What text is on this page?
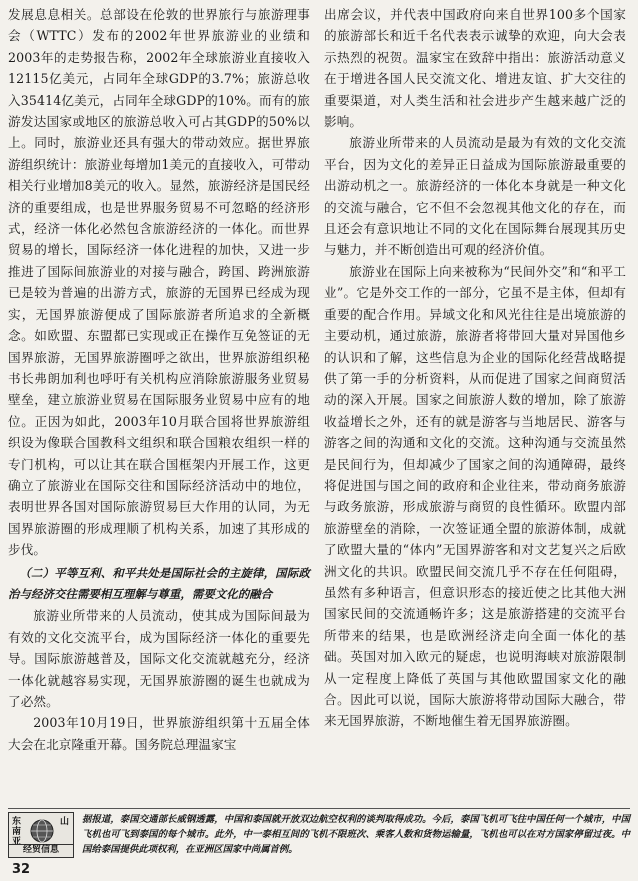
发展息息相关。总部设在伦敦的世界旅行与旅游理事会（WTTC）发布的2002年世界旅游业的业绩和2003年的走势报告称，2002年全球旅游业直接收入12115亿美元，占同年全球GDP的3.7%；旅游总收入35414亿美元，占同年全球GDP的10%。而有的旅游发达国家或地区的旅游总收入可占其GDP的50%以上。同时，旅游业还具有强大的带动效应。据世界旅游组织统计：旅游业每增加1美元的直接收入，可带动相关行业增加8美元的收入。显然，旅游经济是国民经济的重要组成，也是世界服务贸易不可忽略的经济形式，经济一体化必然包含旅游经济的一体化。而世界贸易的增长，国际经济一体化进程的加快，又进一步推进了国际间旅游业的对接与融合，跨国、跨洲旅游已是较为普遍的出游方式，旅游的无国界已经成为现实，无国界旅游便成了国际旅游者所追求的全新概念。如欧盟、东盟都已实现或正在操作互免签证的无国界旅游，无国界旅游圈呼之欲出，世界旅游组织秘书长弗朗加利也呼吁有关机构应消除旅游服务业贸易壁垒，建立旅游业贸易在国际服务业贸易中应有的地位。正因为如此，2003年10月联合国将世界旅游组织设为像联合国教科文组织和联合国粮农组织一样的专门机构，可以让其在联合国框架内开展工作，这更确立了旅游业在国际交往和国际经济活动中的地位，表明世界各国对国际旅游贸易巨大作用的认同，为无国界旅游圈的形成理顺了机构关系，加速了其形成的步伐。

（二）平等互利、和平共处是国际社会的主旋律，国际政治与经济交往需要相互理解与尊重，需要文化的融合

旅游业所带来的人员流动，使其成为国际间最为有效的文化交流平台，成为国际经济一体化的重要先导。国际旅游越普及，国际文化交流就越充分，经济一体化就越容易实现，无国界旅游圈的诞生也就成为了必然。

2003年10月19日，世界旅游组织第十五届全体大会在北京隆重开幕。国务院总理温家宝

出席会议，并代表中国政府向来自世界100多个国家的旅游部长和近千名代表表示诚挚的欢迎，向大会表示热烈的祝贺。温家宝在致辞中指出：旅游活动意义在于增进各国人民交流文化、增进友谊、扩大交往的重要渠道，对人类生活和社会进步产生越来越广泛的影响。

旅游业所带来的人员流动是最为有效的文化交流平台，因为文化的差异正日益成为国际旅游最重要的出游动机之一。旅游经济的一体化本身就是一种文化的交流与融合，它不但不会忽视其他文化的存在，而且还会有意识地让不同的文化在国际舞台展现其历史与魅力，并不断创造出可观的经济价值。

旅游业在国际上向来被称为“民间外交”和“和平工业”。它是外交工作的一部分，它虽不是主体，但却有重要的配合作用。异域文化和风光往往是出境旅游的主要动机，通过旅游，旅游者将带回大量对异国他乡的认识和了解，这些信息为企业的国际化经营战略提供了第一手的分析资料，从而促进了国家之间商贸活动的深入开展。国家之间旅游人数的增加，除了旅游收益增长之外，还有的就是游客与当地居民、游客与游客之间的沟通和文化的交流。这种沟通与交流虽然是民间行为，但却减少了国家之间的沟通障碍，最终将促进国与国之间的政府和企业往来，带动商务旅游与政务旅游，形成旅游与商贸的良性循环。欧盟内部旅游壁垒的消除，一次签证通全盟的旅游体制，成就了欧盟大量的“体内”无国界游客和对文艺复兴之后欧洲文化的共识。欧盟民间交流几乎不存在任何阻碍，虽然有多种语言，但意识形态的接近使之比其他大洲国家民间的交流通畅许多；这是旅游搭建的交流平台所带来的结果，也是欧洲经济走向全面一体化的基础。英国对加入欧元的疑虑，也说明海峡对旅游限制从一定程度上降低了英国与其他欧盟国家文化的融合。因此可以说，国际大旅游将带动国际大融合，带来无国界旅游，不断地催生着无国界旅游圈。

东南亚
山
经贸信息
据报道，泰国交通部长威钢透露，中国和泰国就开放双边航空权利的谈判取得成功。今后，泰国飞机可飞往中国任何一个城市，中国飞机也可飞到泰国的每个城市。此外，中一泰相互间的飞机不限班次、乘客人数和货物运输量，飞机也可以在对方国家停留过夜。中国给泰国提供此项权利，在亚洲区国家中尚属首例。
32
